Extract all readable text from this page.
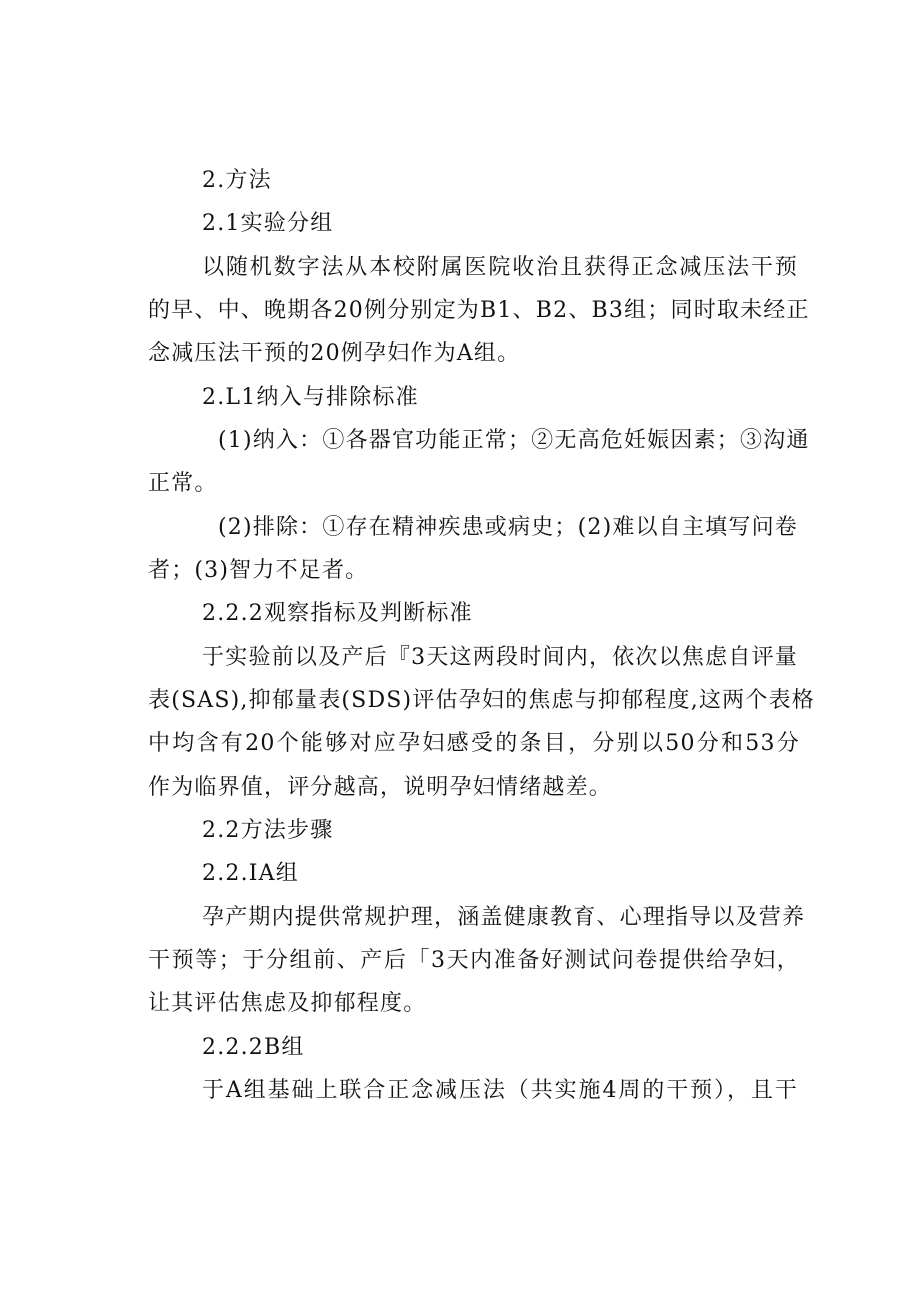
2.方法
2.1实验分组
以随机数字法从本校附属医院收治且获得正念减压法干预
的早、中、晚期各20例分别定为B1、B2、B3组；同时取未经正
念减压法干预的20例孕妇作为A组。
2.L1纳入与排除标准
(1)纳入：①各器官功能正常；②无高危妊娠因素；③沟通
正常。
(2)排除：①存在精神疾患或病史；(2)难以自主填写问卷
者；(3)智力不足者。
2.2.2观察指标及判断标准
于实验前以及产后『3天这两段时间内，依次以焦虑自评量
表(SAS),抑郁量表(SDS)评估孕妇的焦虑与抑郁程度,这两个表格
中均含有20个能够对应孕妇感受的条目，分别以50分和53分
作为临界值，评分越高，说明孕妇情绪越差。
2.2方法步骤
2.2.IA组
孕产期内提供常规护理，涵盖健康教育、心理指导以及营养
干预等；于分组前、产后「3天内准备好测试问卷提供给孕妇，
让其评估焦虑及抑郁程度。
2.2.2B组
于A组基础上联合正念减压法（共实施4周的干预），且干
